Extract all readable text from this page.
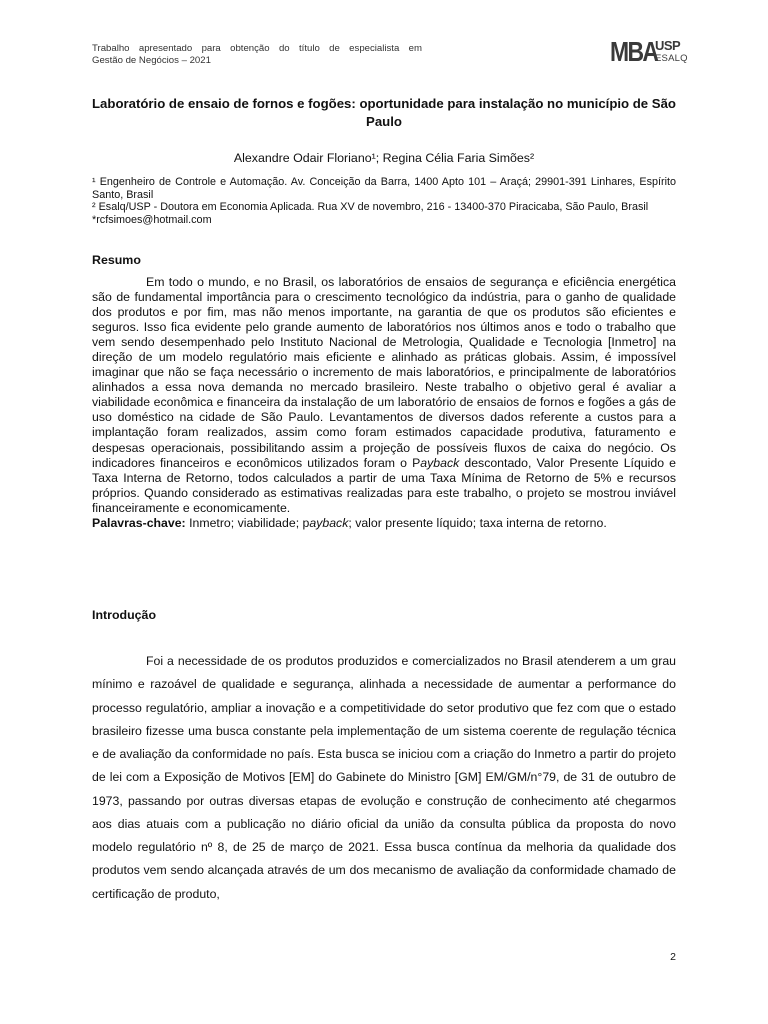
Trabalho apresentado para obtenção do título de especialista em
Gestão de Negócios – 2021	MBA
USP
ESALQ
Laboratório de ensaio de fornos e fogões: oportunidade para instalação no município de São Paulo
Alexandre Odair Floriano¹; Regina Célia Faria Simões²

¹ Engenheiro de Controle e Automação. Av. Conceição da Barra, 1400 Apto 101 – Araçá; 29901-391 Linhares, Espírito Santo, Brasil

² Esalq/USP - Doutora em Economia Aplicada. Rua XV de novembro, 216 - 13400-370 Piracicaba, São Paulo, Brasil

*rcfsimoes@hotmail.com

Resumo

Em todo o mundo, e no Brasil, os laboratórios de ensaios de segurança e eficiência energética são de fundamental importância para o crescimento tecnológico da indústria, para o ganho de qualidade dos produtos e por fim, mas não menos importante, na garantia de que os produtos são eficientes e seguros. Isso fica evidente pelo grande aumento de laboratórios nos últimos anos e todo o trabalho que vem sendo desempenhado pelo Instituto Nacional de Metrologia, Qualidade e Tecnologia [Inmetro] na direção de um modelo regulatório mais eficiente e alinhado as práticas globais. Assim, é impossível imaginar que não se faça necessário o incremento de mais laboratórios, e principalmente de laboratórios alinhados a essa nova demanda no mercado brasileiro. Neste trabalho o objetivo geral é avaliar a viabilidade econômica e financeira da instalação de um laboratório de ensaios de fornos e fogões a gás de uso doméstico na cidade de São Paulo. Levantamentos de diversos dados referente a custos para a implantação foram realizados, assim como foram estimados capacidade produtiva, faturamento e despesas operacionais, possibilitando assim a projeção de possíveis fluxos de caixa do negócio. Os indicadores financeiros e econômicos utilizados foram o Payback descontado, Valor Presente Líquido e Taxa Interna de Retorno, todos calculados a partir de uma Taxa Mínima de Retorno de 5% e recursos próprios. Quando considerado as estimativas realizadas para este trabalho, o projeto se mostrou inviável financeiramente e economicamente.

Palavras-chave: Inmetro; viabilidade; payback; valor presente líquido; taxa interna de retorno.

Introdução

Foi a necessidade de os produtos produzidos e comercializados no Brasil atenderem a um grau mínimo e razoável de qualidade e segurança, alinhada a necessidade de aumentar a performance do processo regulatório, ampliar a inovação e a competitividade do setor produtivo que fez com que o estado brasileiro fizesse uma busca constante pela implementação de um sistema coerente de regulação técnica e de avaliação da conformidade no país. Esta busca se iniciou com a criação do Inmetro a partir do projeto de lei com a Exposição de Motivos [EM] do Gabinete do Ministro [GM] EM/GM/n°79, de 31 de outubro de 1973, passando por outras diversas etapas de evolução e construção de conhecimento até chegarmos aos dias atuais com a publicação no diário oficial da união da consulta pública da proposta do novo modelo regulatório nº 8, de 25 de março de 2021. Essa busca contínua da melhoria da qualidade dos produtos vem sendo alcançada através de um dos mecanismo de avaliação da conformidade chamado de certificação de produto,

2
